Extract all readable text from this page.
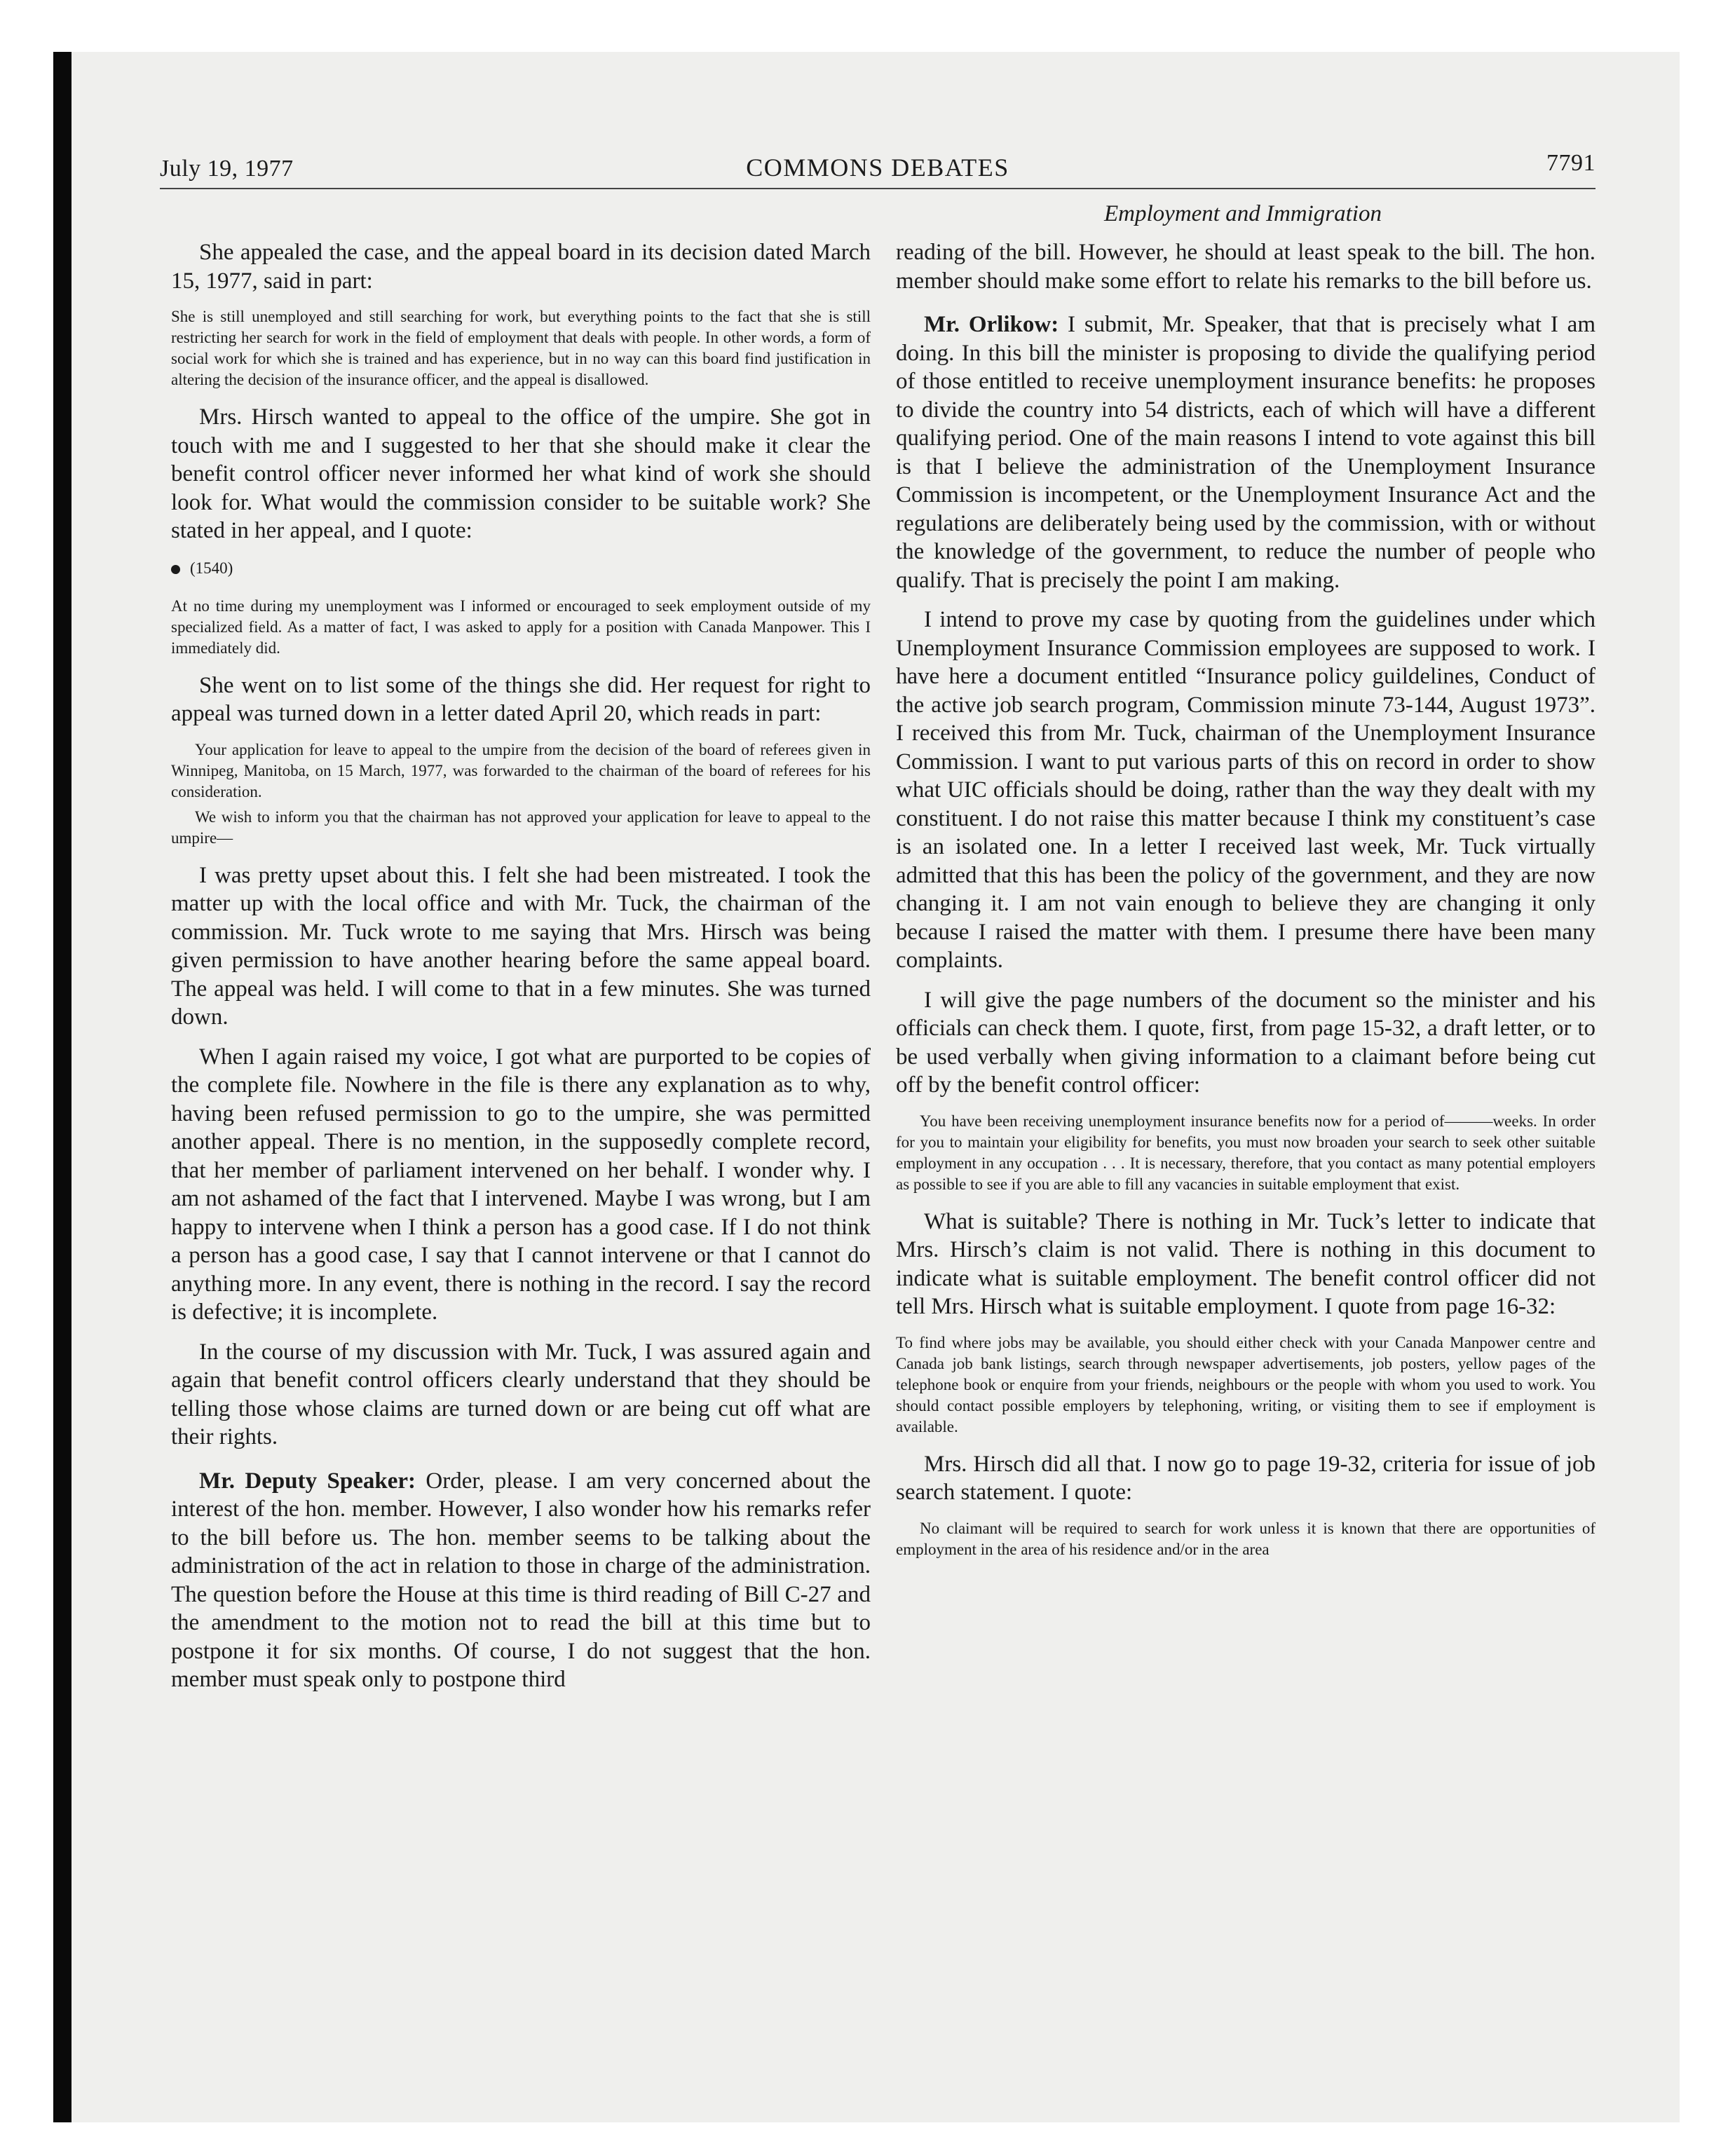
July 19, 1977	COMMONS DEBATES	7791
Employment and Immigration

She appealed the case, and the appeal board in its decision dated March 15, 1977, said in part:

She is still unemployed and still searching for work, but everything points to the fact that she is still restricting her search for work in the field of employment that deals with people. In other words, a form of social work for which she is trained and has experience, but in no way can this board find justification in altering the decision of the insurance officer, and the appeal is disallowed.

Mrs. Hirsch wanted to appeal to the office of the umpire. She got in touch with me and I suggested to her that she should make it clear the benefit control officer never informed her what kind of work she should look for. What would the commission consider to be suitable work? She stated in her appeal, and I quote:

(1540)

At no time during my unemployment was I informed or encouraged to seek employment outside of my specialized field. As a matter of fact, I was asked to apply for a position with Canada Manpower. This I immediately did.

She went on to list some of the things she did. Her request for right to appeal was turned down in a letter dated April 20, which reads in part:

Your application for leave to appeal to the umpire from the decision of the board of referees given in Winnipeg, Manitoba, on 15 March, 1977, was forwarded to the chairman of the board of referees for his consideration.

We wish to inform you that the chairman has not approved your application for leave to appeal to the umpire—

I was pretty upset about this. I felt she had been mistreated. I took the matter up with the local office and with Mr. Tuck, the chairman of the commission. Mr. Tuck wrote to me saying that Mrs. Hirsch was being given permission to have another hearing before the same appeal board. The appeal was held. I will come to that in a few minutes. She was turned down.

When I again raised my voice, I got what are purported to be copies of the complete file. Nowhere in the file is there any explanation as to why, having been refused permission to go to the umpire, she was permitted another appeal. There is no mention, in the supposedly complete record, that her member of parliament intervened on her behalf. I wonder why. I am not ashamed of the fact that I intervened. Maybe I was wrong, but I am happy to intervene when I think a person has a good case. If I do not think a person has a good case, I say that I cannot intervene or that I cannot do anything more. In any event, there is nothing in the record. I say the record is defective; it is incomplete.

In the course of my discussion with Mr. Tuck, I was assured again and again that benefit control officers clearly understand that they should be telling those whose claims are turned down or are being cut off what are their rights.

Mr. Deputy Speaker: Order, please. I am very concerned about the interest of the hon. member. However, I also wonder how his remarks refer to the bill before us. The hon. member seems to be talking about the administration of the act in relation to those in charge of the administration. The question before the House at this time is third reading of Bill C-27 and the amendment to the motion not to read the bill at this time but to postpone it for six months. Of course, I do not suggest that the hon. member must speak only to postpone third

reading of the bill. However, he should at least speak to the bill. The hon. member should make some effort to relate his remarks to the bill before us.

Mr. Orlikow: I submit, Mr. Speaker, that that is precisely what I am doing. In this bill the minister is proposing to divide the qualifying period of those entitled to receive unemployment insurance benefits: he proposes to divide the country into 54 districts, each of which will have a different qualifying period. One of the main reasons I intend to vote against this bill is that I believe the administration of the Unemployment Insurance Commission is incompetent, or the Unemployment Insurance Act and the regulations are deliberately being used by the commission, with or without the knowledge of the government, to reduce the number of people who qualify. That is precisely the point I am making.

I intend to prove my case by quoting from the guidelines under which Unemployment Insurance Commission employees are supposed to work. I have here a document entitled “Insurance policy guildelines, Conduct of the active job search program, Commission minute 73-144, August 1973”. I received this from Mr. Tuck, chairman of the Unemployment Insurance Commission. I want to put various parts of this on record in order to show what UIC officials should be doing, rather than the way they dealt with my constituent. I do not raise this matter because I think my constituent’s case is an isolated one. In a letter I received last week, Mr. Tuck virtually admitted that this has been the policy of the government, and they are now changing it. I am not vain enough to believe they are changing it only because I raised the matter with them. I presume there have been many complaints.

I will give the page numbers of the document so the minister and his officials can check them. I quote, first, from page 15-32, a draft letter, or to be used verbally when giving information to a claimant before being cut off by the benefit control officer:

You have been receiving unemployment insurance benefits now for a period of———weeks. In order for you to maintain your eligibility for benefits, you must now broaden your search to seek other suitable employment in any occupation . . . It is necessary, therefore, that you contact as many potential employers as possible to see if you are able to fill any vacancies in suitable employment that exist.

What is suitable? There is nothing in Mr. Tuck’s letter to indicate that Mrs. Hirsch’s claim is not valid. There is nothing in this document to indicate what is suitable employment. The benefit control officer did not tell Mrs. Hirsch what is suitable employment. I quote from page 16-32:

To find where jobs may be available, you should either check with your Canada Manpower centre and Canada job bank listings, search through newspaper advertisements, job posters, yellow pages of the telephone book or enquire from your friends, neighbours or the people with whom you used to work. You should contact possible employers by telephoning, writing, or visiting them to see if employment is available.

Mrs. Hirsch did all that. I now go to page 19-32, criteria for issue of job search statement. I quote:

No claimant will be required to search for work unless it is known that there are opportunities of employment in the area of his residence and/or in the area
